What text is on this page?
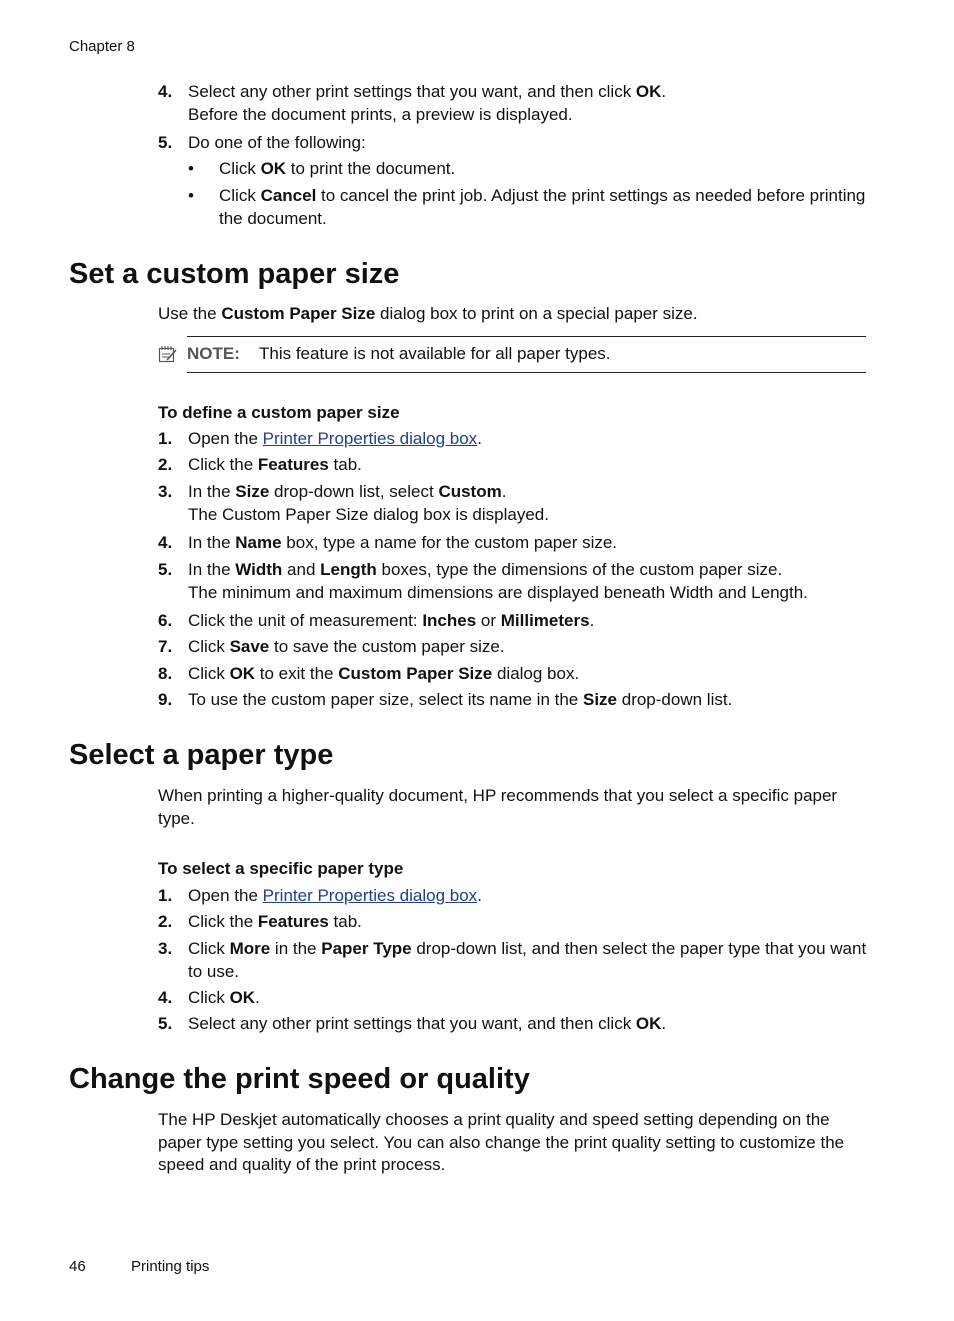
Chapter 8
4. Select any other print settings that you want, and then click OK.
Before the document prints, a preview is displayed.
5. Do one of the following:
• Click OK to print the document.
• Click Cancel to cancel the print job. Adjust the print settings as needed before printing the document.
Set a custom paper size

Use the Custom Paper Size dialog box to print on a special paper size.

NOTE: This feature is not available for all paper types.

To define a custom paper size

1. Open the Printer Properties dialog box.
2. Click the Features tab.
3. In the Size drop-down list, select Custom.
The Custom Paper Size dialog box is displayed.
4. In the Name box, type a name for the custom paper size.
5. In the Width and Length boxes, type the dimensions of the custom paper size.
The minimum and maximum dimensions are displayed beneath Width and Length.
6. Click the unit of measurement: Inches or Millimeters.
7. Click Save to save the custom paper size.
8. Click OK to exit the Custom Paper Size dialog box.
9. To use the custom paper size, select its name in the Size drop-down list.
Select a paper type

When printing a higher-quality document, HP recommends that you select a specific paper type.

To select a specific paper type

1. Open the Printer Properties dialog box.
2. Click the Features tab.
3. Click More in the Paper Type drop-down list, and then select the paper type that you want to use.
4. Click OK.
5. Select any other print settings that you want, and then click OK.
Change the print speed or quality

The HP Deskjet automatically chooses a print quality and speed setting depending on the paper type setting you select. You can also change the print quality setting to customize the speed and quality of the print process.

46	Printing tips
